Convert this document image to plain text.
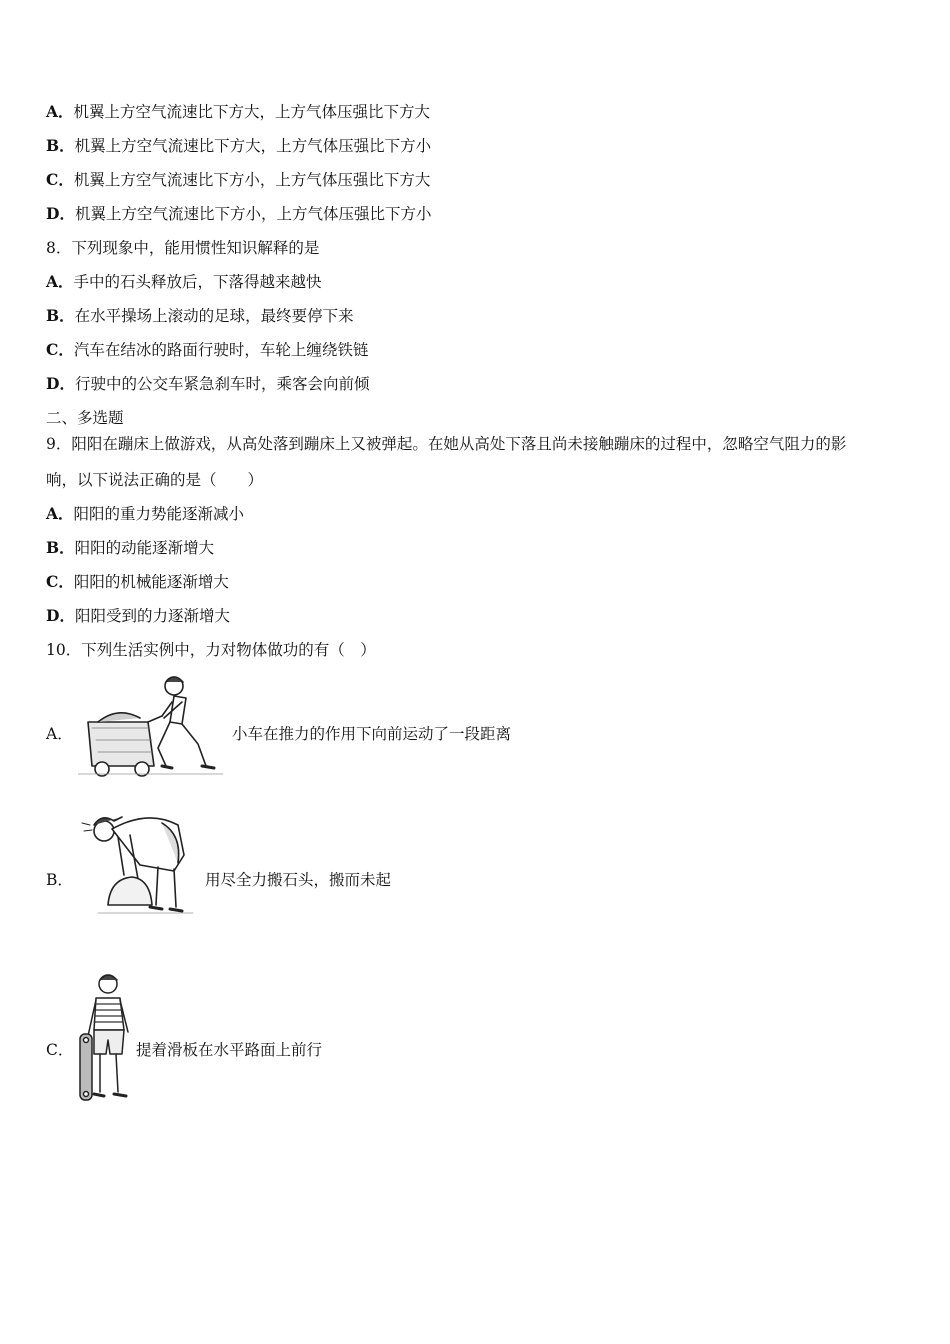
A．机翼上方空气流速比下方大，上方气体压强比下方大
B．机翼上方空气流速比下方大，上方气体压强比下方小
C．机翼上方空气流速比下方小，上方气体压强比下方大
D．机翼上方空气流速比下方小，上方气体压强比下方小
8．下列现象中，能用惯性知识解释的是
A．手中的石头释放后，下落得越来越快
B．在水平操场上滚动的足球，最终要停下来
C．汽车在结冰的路面行驶时，车轮上缠绕铁链
D．行驶中的公交车紧急刹车时，乘客会向前倾
二、多选题
9．阳阳在蹦床上做游戏，从高处落到蹦床上又被弹起。在她从高处下落且尚未接触蹦床的过程中，忽略空气阻力的影
响，以下说法正确的是（　　）
A．阳阳的重力势能逐渐减小
B．阳阳的动能逐渐增大
C．阳阳的机械能逐渐增大
D．阳阳受到的力逐渐增大
10．下列生活实例中，力对物体做功的有（　）
A．	小车在推力的作用下向前运动了一段距离
B．	用尽全力搬石头，搬而未起
C．	提着滑板在水平路面上前行
